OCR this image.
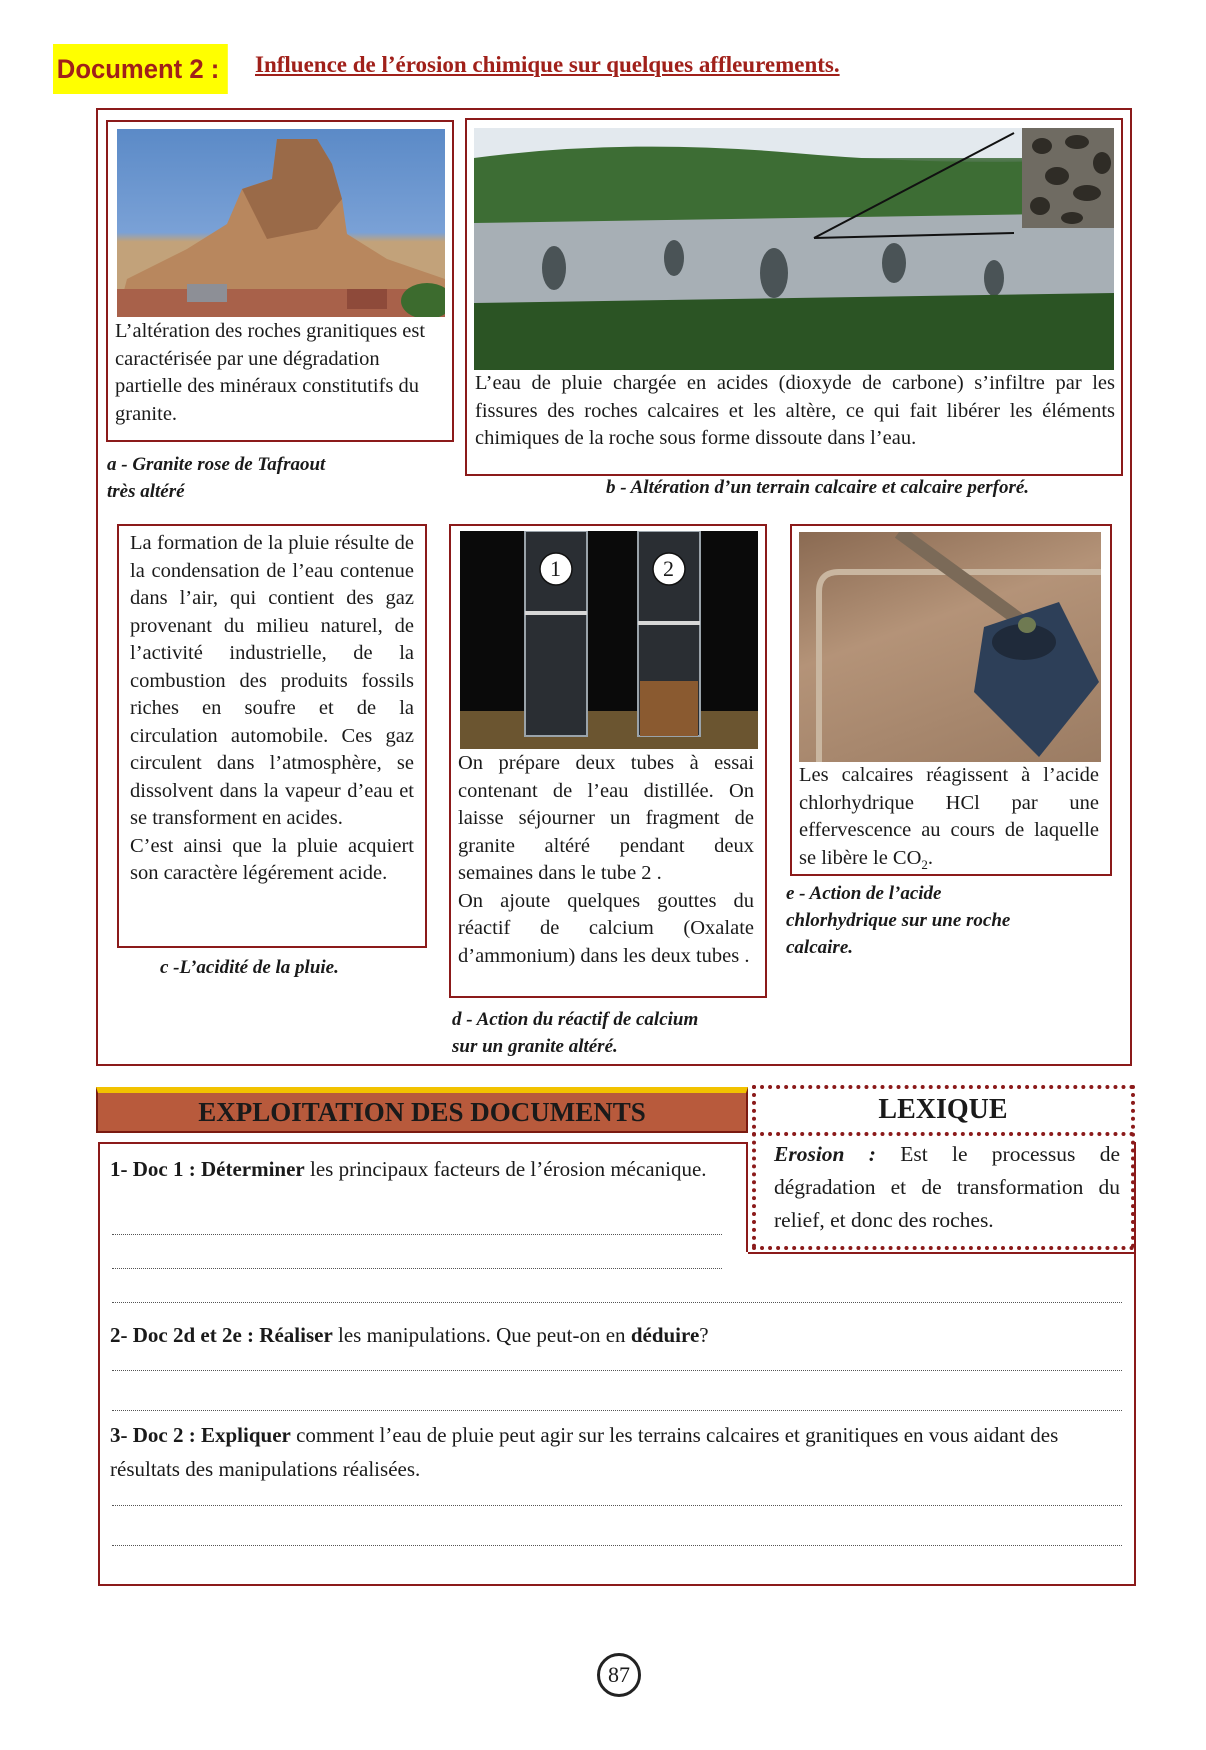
Document 2 :	Influence de l’érosion chimique sur quelques affleurements.
L’altération des roches granitiques est caractérisée par une dégradation partielle des minéraux constitutifs du granite.
a - Granite rose de Tafraout
très altéré
L’eau de pluie chargée en acides (dioxyde de carbone) s’infiltre par les fissures des roches calcaires et les altère, ce qui fait libérer les éléments chimiques de la roche sous forme dissoute dans l’eau.
b - Altération d’un terrain calcaire et calcaire perforé.
La formation de la pluie résulte de la condensation de l’eau contenue dans l’air, qui contient des gaz provenant du milieu naturel, de l’activité industrielle, de la combustion des produits fossils riches en soufre et de la circulation automobile. Ces gaz circulent dans l’atmosphère, se dissolvent dans la vapeur d’eau et se transforment en acides.
C’est ainsi que la pluie acquiert son caractère légérement acide.
c -L’acidité de la pluie.
1	2
On prépare deux tubes à essai contenant de l’eau distillée. On laisse séjourner un fragment de granite altéré pendant deux semaines dans le tube 2 .
On ajoute quelques gouttes du réactif de calcium (Oxalate d’ammonium) dans les deux tubes .
d - Action du réactif de calcium
sur un granite altéré.
Les calcaires réagissent à l’acide chlorhydrique HCl par une effervescence au cours de laquelle se libère le $CO_2$.
e - Action de l’acide
chlorhydrique sur une roche
calcaire.
EXPLOITATION DES DOCUMENTS
1- Doc 1 : Déterminer les principaux facteurs de l’érosion mécanique.
2- Doc 2d et 2e : Réaliser les manipulations. Que peut-on en déduire?
3- Doc 2 : Expliquer comment l’eau de pluie peut agir sur les terrains calcaires et granitiques en vous aidant des résultats des manipulations réalisées.
LEXIQUE
Erosion : Est le processus de dégradation et de transformation du relief, et donc des roches.
87
